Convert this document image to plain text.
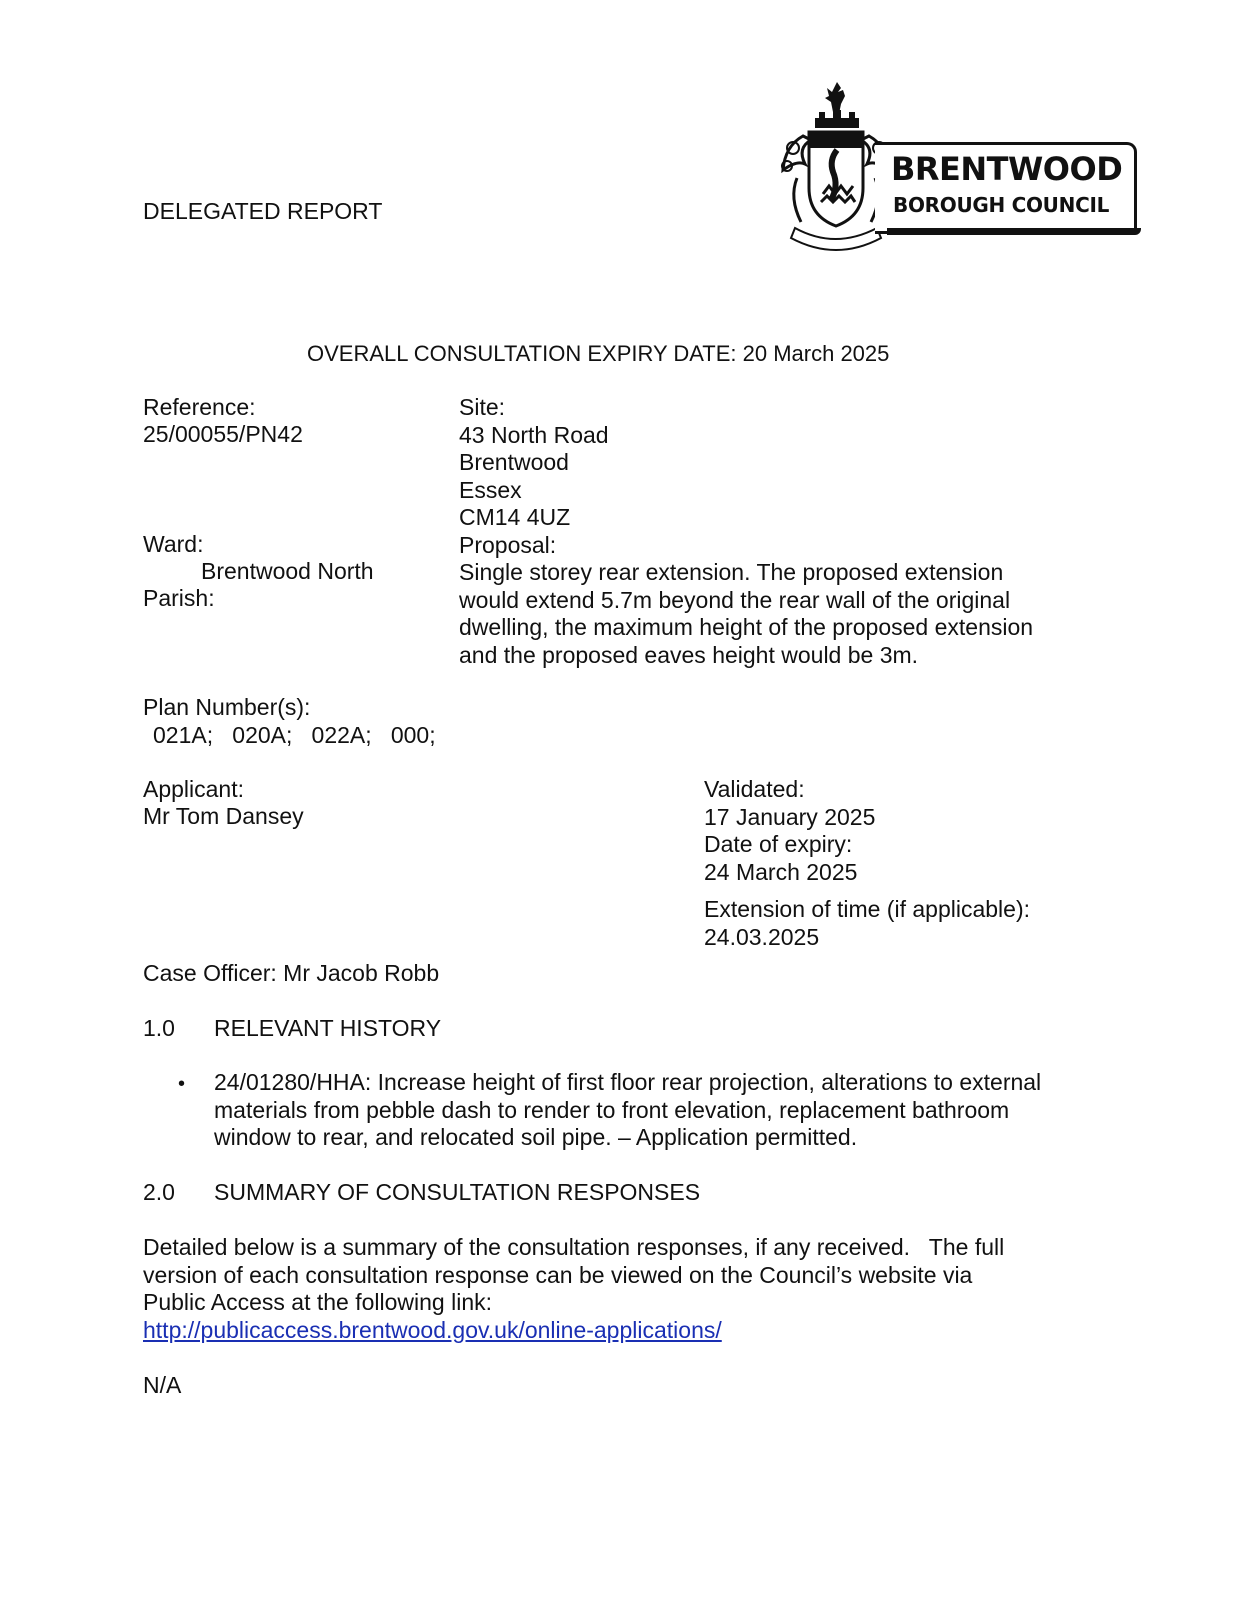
BRENTWOOD
BOROUGH COUNCIL
DELEGATED REPORT
OVERALL CONSULTATION EXPIRY DATE: 20 March 2025
Reference:
25/00055/PN42
Ward:
Brentwood North
Parish:
Site:
43 North Road
Brentwood
Essex
CM14 4UZ
Proposal:
Single storey rear extension. The proposed extension
would extend 5.7m beyond the rear wall of the original
dwelling, the maximum height of the proposed extension
and the proposed eaves height would be 3m.
Plan Number(s):
021A;   020A;   022A;   000;
Applicant:
Mr Tom Dansey
Validated:
17 January 2025
Date of expiry:
24 March 2025
Extension of time (if applicable):
24.03.2025
Case Officer: Mr Jacob Robb
1.0 RELEVANT HISTORY
• 24/01280/HHA: Increase height of first floor rear projection, alterations to external
materials from pebble dash to render to front elevation, replacement bathroom
window to rear, and relocated soil pipe. – Application permitted.
2.0 SUMMARY OF CONSULTATION RESPONSES
Detailed below is a summary of the consultation responses, if any received.   The full
version of each consultation response can be viewed on the Council’s website via
Public Access at the following link:
http://publicaccess.brentwood.gov.uk/online-applications/
N/A
